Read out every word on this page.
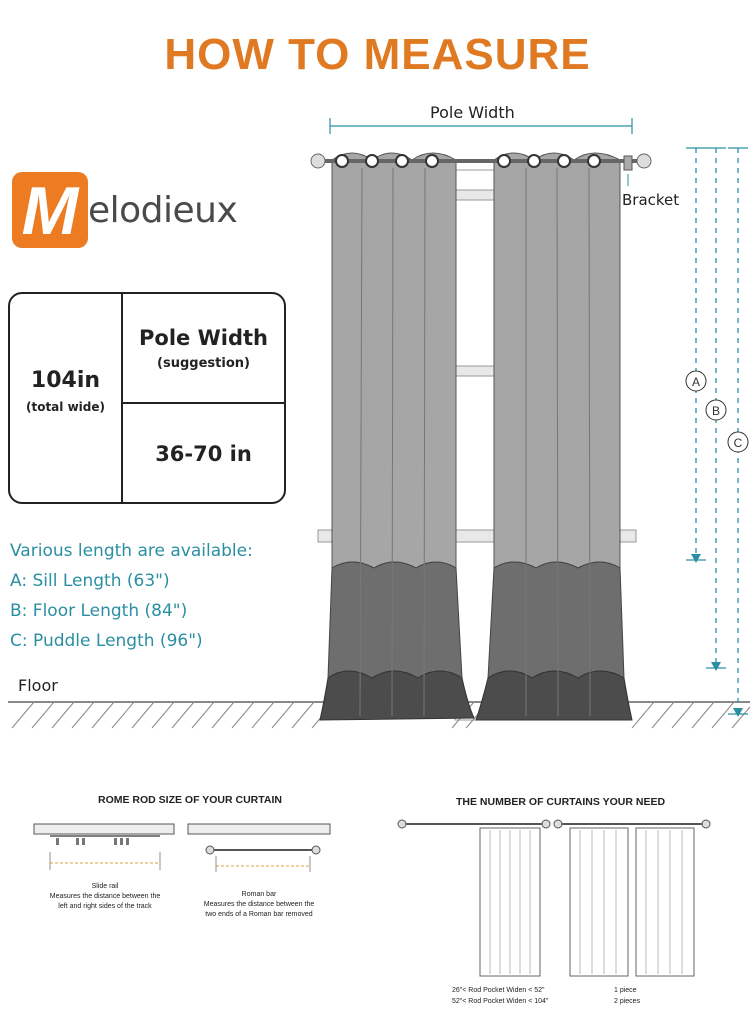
HOW TO MEASURE
M elodieux
104in
(total wide)
Pole Width
(suggestion)
36-70 in
Various length are available:
A: Sill Length (63")
B: Floor Length (84")
C: Puddle Length (96")
A
B
C
Pole Width
Bracket
Floor
ROME ROD SIZE OF YOUR CURTAIN
Slide rail
Measures the distance between the
left and right sides of the track
Roman bar
Measures the distance between the
two ends of a Roman bar removed
THE NUMBER OF CURTAINS YOUR NEED
26"< Rod Pocket Widen < 52"	1 piece
52"< Rod Pocket Widen < 104"	2 pieces
